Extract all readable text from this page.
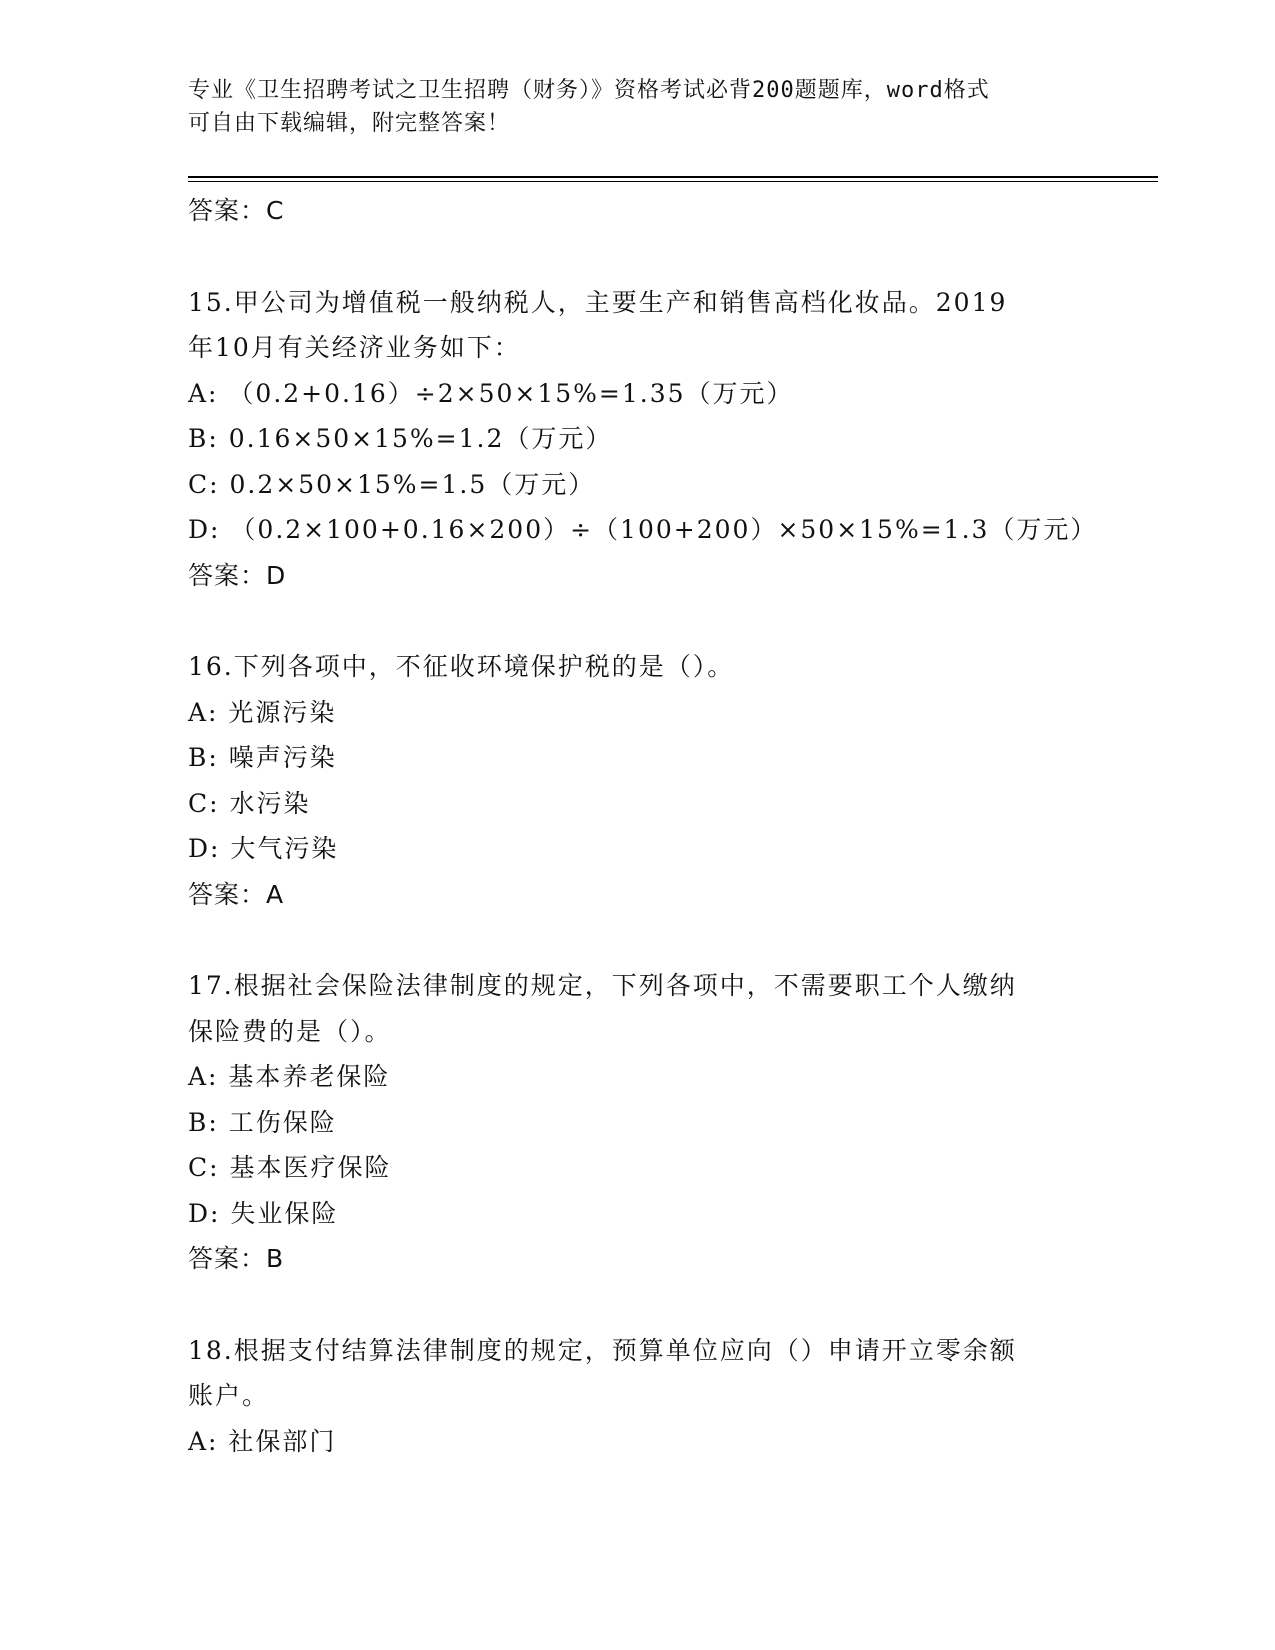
专业《卫生招聘考试之卫生招聘（财务）》资格考试必背200题题库，word格式
可自由下载编辑，附完整答案！
答案：C
15.甲公司为增值税一般纳税人，主要生产和销售高档化妆品。2019
年10月有关经济业务如下：
A: （0.2+0.16）÷2×50×15%=1.35（万元）
B: 0.16×50×15%=1.2（万元）
C: 0.2×50×15%=1.5（万元）
D: （0.2×100+0.16×200）÷（100+200）×50×15%=1.3（万元）
答案：D
16.下列各项中，不征收环境保护税的是（）。
A: 光源污染
B: 噪声污染
C: 水污染
D: 大气污染
答案：A
17.根据社会保险法律制度的规定，下列各项中，不需要职工个人缴纳
保险费的是（）。
A: 基本养老保险
B: 工伤保险
C: 基本医疗保险
D: 失业保险
答案：B
18.根据支付结算法律制度的规定，预算单位应向（）申请开立零余额
账户。
A: 社保部门
